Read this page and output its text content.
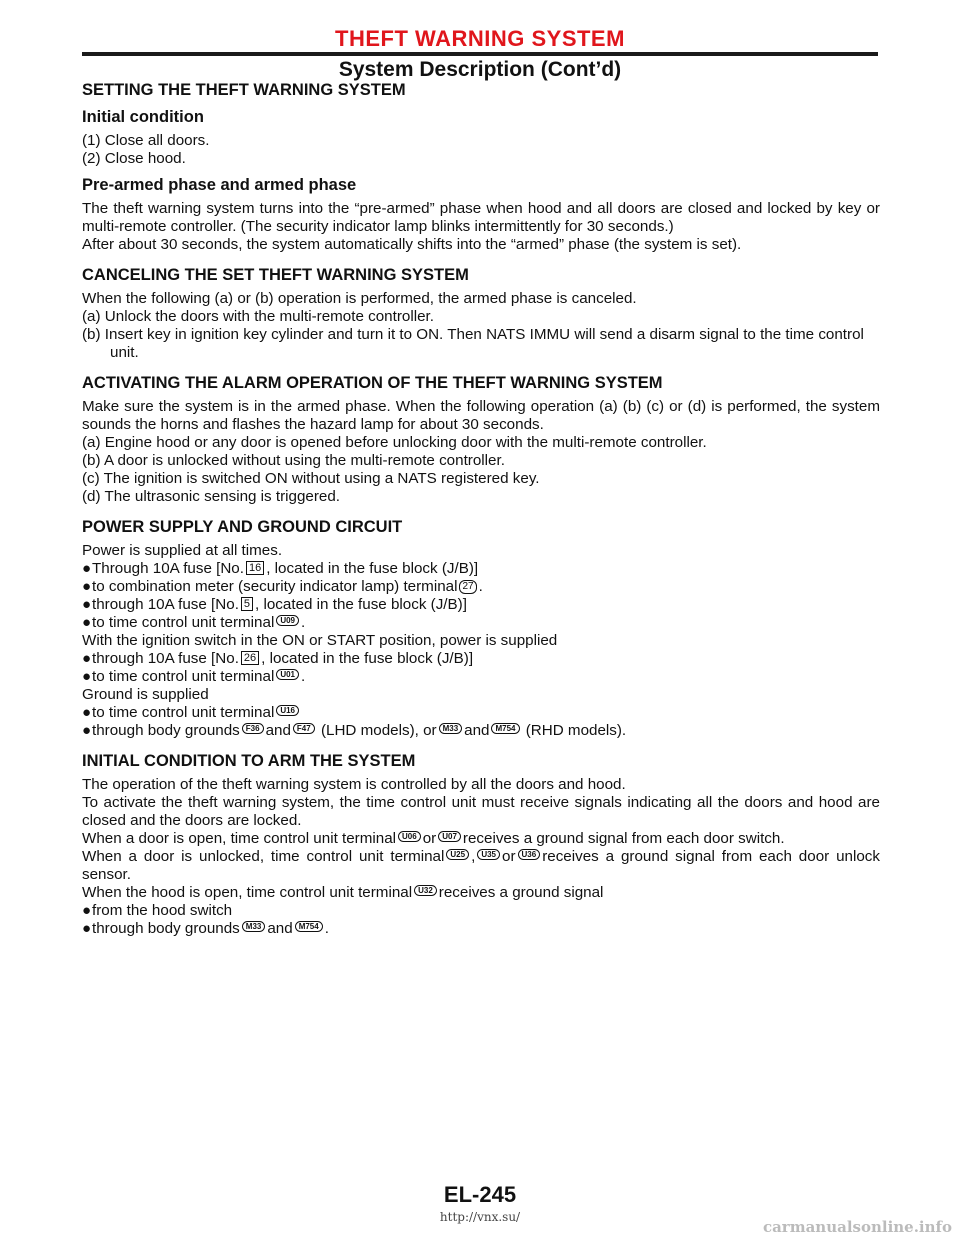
THEFT WARNING SYSTEM
System Description (Cont’d)
SETTING THE THEFT WARNING SYSTEM
Initial condition

(1) Close all doors.

(2) Close hood.

Pre-armed phase and armed phase

The theft warning system turns into the “pre-armed” phase when hood and all doors are closed and locked by key or multi-remote controller. (The security indicator lamp blinks intermittently for 30 seconds.)

After about 30 seconds, the system automatically shifts into the “armed” phase (the system is set).

CANCELING THE SET THEFT WARNING SYSTEM

When the following (a) or (b) operation is performed, the armed phase is canceled.

(a) Unlock the doors with the multi-remote controller.

(b) Insert key in ignition key cylinder and turn it to ON. Then NATS IMMU will send a disarm signal to the time control unit.

ACTIVATING THE ALARM OPERATION OF THE THEFT WARNING SYSTEM

Make sure the system is in the armed phase. When the following operation (a) (b) (c) or (d) is performed, the system sounds the horns and flashes the hazard lamp for about 30 seconds.

(a) Engine hood or any door is opened before unlocking door with the multi-remote controller.

(b) A door is unlocked without using the multi-remote controller.

(c) The ignition is switched ON without using a NATS registered key.

(d) The ultrasonic sensing is triggered.

POWER SUPPLY AND GROUND CIRCUIT

Power is supplied at all times.

● Through 10A fuse [No. 16 , located in the fuse block (J/B)]
● to combination meter (security indicator lamp) terminal 27 .
● through 10A fuse [No. 5 , located in the fuse block (J/B)]
● to time control unit terminal U09 .

With the ignition switch in the ON or START position, power is supplied

● through 10A fuse [No. 26 , located in the fuse block (J/B)]
● to time control unit terminal U01 .

Ground is supplied

● to time control unit terminal U16
● through body grounds F36 and F47 (LHD models), or M33 and M754 (RHD models).
INITIAL CONDITION TO ARM THE SYSTEM

The operation of the theft warning system is controlled by all the doors and hood.

To activate the theft warning system, the time control unit must receive signals indicating all the doors and hood are closed and the doors are locked.

When a door is open, time control unit terminal U06 or U07 receives a ground signal from each door switch.

When a door is unlocked, time control unit terminal U25 , U35 or U36 receives a ground signal from each door unlock sensor.

When the hood is open, time control unit terminal U32 receives a ground signal

● from the hood switch
● through body grounds M33 and M754 .
EL-245
http://vnx.su/
carmanualsonline.info
